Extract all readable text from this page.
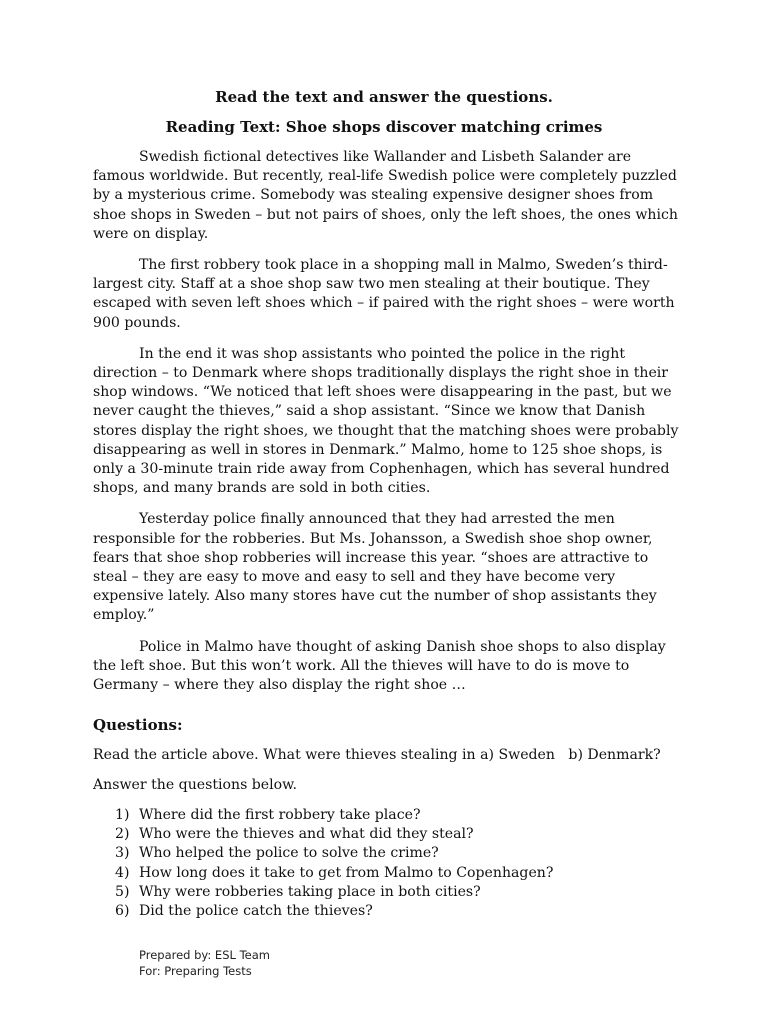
Read the text and answer the questions.
Reading Text: Shoe shops discover matching crimes

Swedish fictional detectives like Wallander and Lisbeth Salander are famous worldwide. But recently, real-life Swedish police were completely puzzled by a mysterious crime. Somebody was stealing expensive designer shoes from shoe shops in Sweden – but not pairs of shoes, only the left shoes, the ones which were on display.

The first robbery took place in a shopping mall in Malmo, Sweden’s third-largest city. Staff at a shoe shop saw two men stealing at their boutique. They escaped with seven left shoes which – if paired with the right shoes – were worth 900 pounds.

In the end it was shop assistants who pointed the police in the right direction – to Denmark where shops traditionally displays the right shoe in their shop windows. “We noticed that left shoes were disappearing in the past, but we never caught the thieves,” said a shop assistant. “Since we know that Danish stores display the right shoes, we thought that the matching shoes were probably disappearing as well in stores in Denmark.” Malmo, home to 125 shoe shops, is only a 30-minute train ride away from Cophenhagen, which has several hundred shops, and many brands are sold in both cities.

Yesterday police finally announced that they had arrested the men responsible for the robberies. But Ms. Johansson, a Swedish shoe shop owner, fears that shoe shop robberies will increase this year. “shoes are attractive to steal – they are easy to move and easy to sell and they have become very expensive lately. Also many stores have cut the number of shop assistants they employ.”

Police in Malmo have thought of asking Danish shoe shops to also display the left shoe. But this won’t work. All the thieves will have to do is move to Germany – where they also display the right shoe …

Questions:
Read the article above. What were thieves stealing in a) Sweden   b) Denmark?
Answer the questions below.
1) Where did the first robbery take place?
2) Who were the thieves and what did they steal?
3) Who helped the police to solve the crime?
4) How long does it take to get from Malmo to Copenhagen?
5) Why were robberies taking place in both cities?
6) Did the police catch the thieves?
Prepared by: ESL Team
For: Preparing Tests
